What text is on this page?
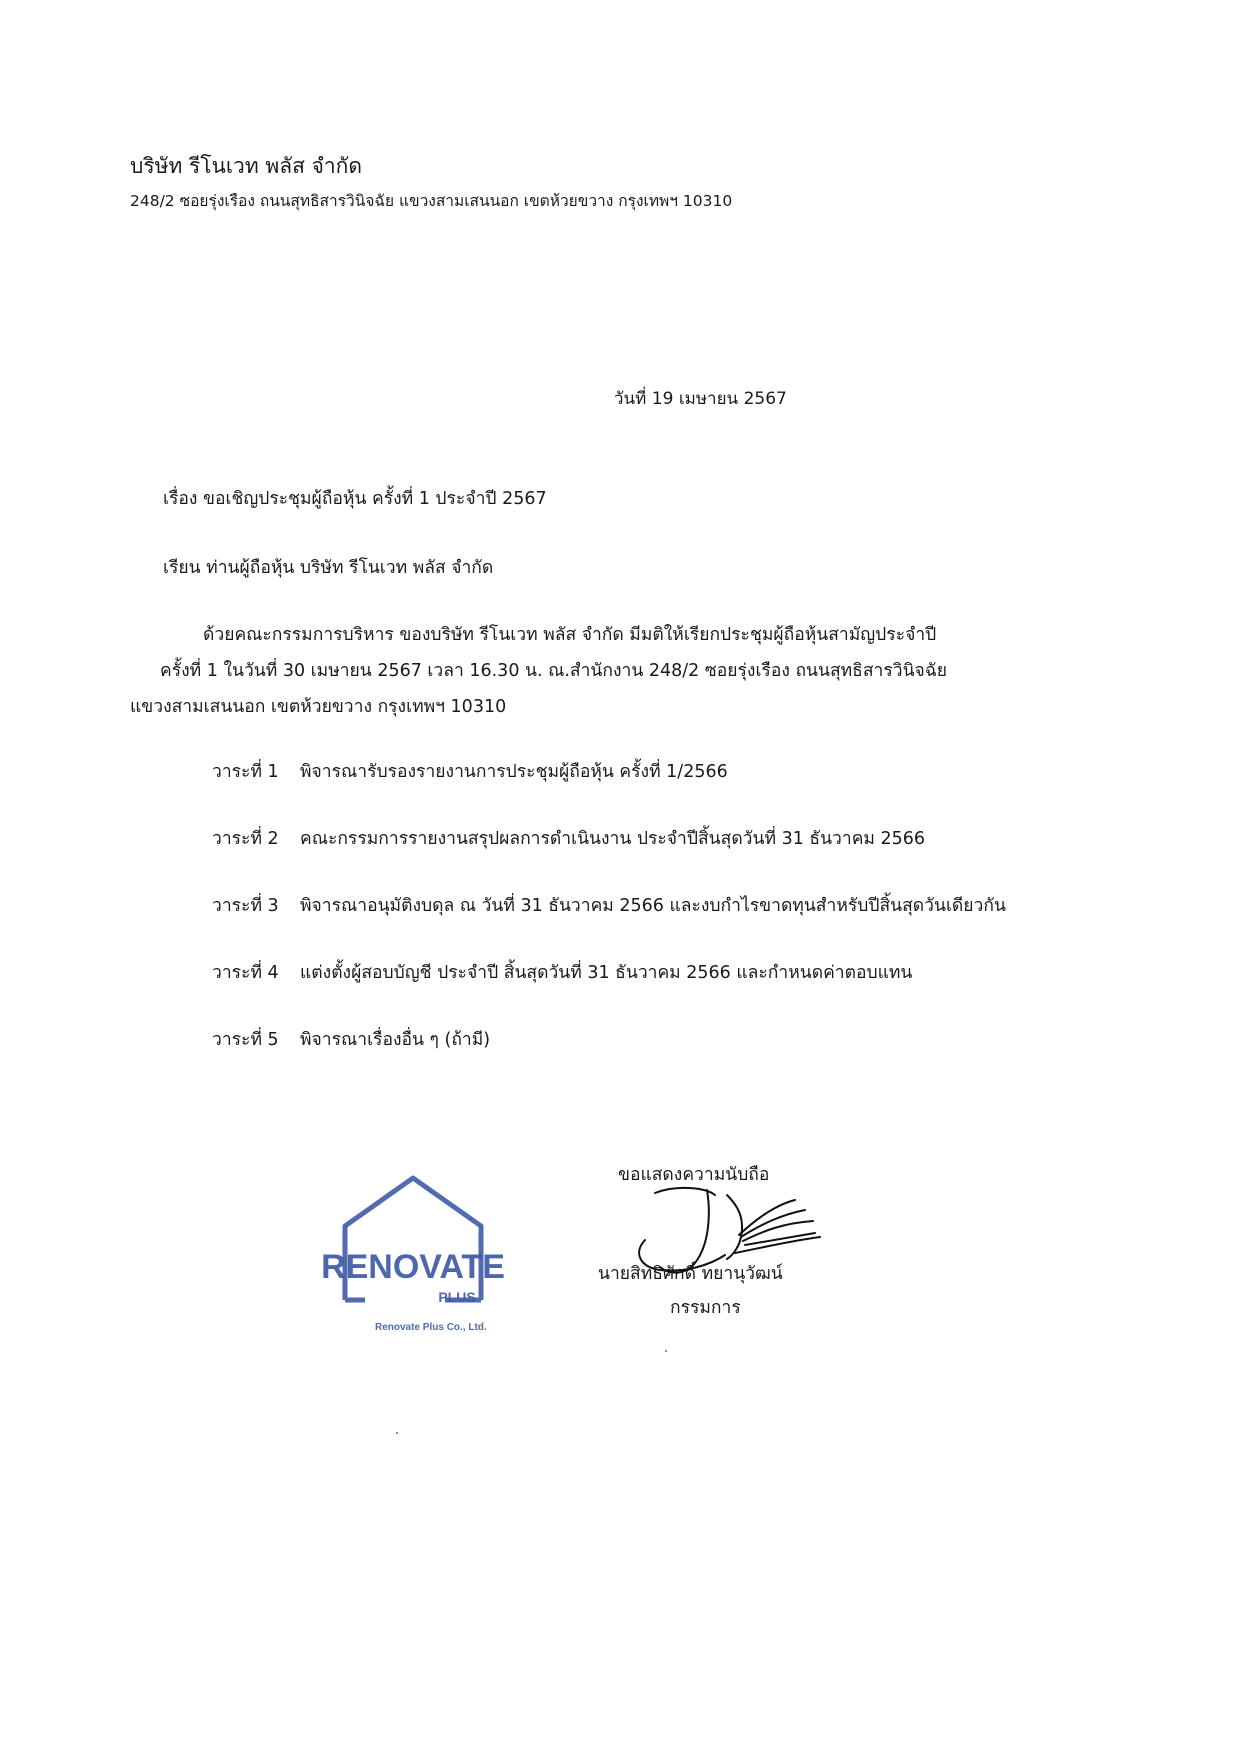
บริษัท รีโนเวท พลัส จำกัด
248/2 ซอยรุ่งเรือง ถนนสุทธิสารวินิจฉัย แขวงสามเสนนอก เขตห้วยขวาง กรุงเทพฯ 10310
วันที่ 19 เมษายน 2567
เรื่อง ขอเชิญประชุมผู้ถือหุ้น ครั้งที่ 1 ประจำปี 2567
เรียน ท่านผู้ถือหุ้น บริษัท รีโนเวท พลัส จำกัด
ด้วยคณะกรรมการบริหาร ของบริษัท รีโนเวท พลัส จำกัด มีมติให้เรียกประชุมผู้ถือหุ้นสามัญประจำปี
ครั้งที่ 1 ในวันที่ 30 เมษายน 2567 เวลา 16.30 น. ณ.สำนักงาน 248/2 ซอยรุ่งเรือง ถนนสุทธิสารวินิจฉัย
แขวงสามเสนนอก เขตห้วยขวาง กรุงเทพฯ 10310
วาระที่ 1 พิจารณารับรองรายงานการประชุมผู้ถือหุ้น ครั้งที่ 1/2566
วาระที่ 2 คณะกรรมการรายงานสรุปผลการดำเนินงาน ประจำปีสิ้นสุดวันที่ 31 ธันวาคม 2566
วาระที่ 3 พิจารณาอนุมัติงบดุล ณ วันที่ 31 ธันวาคม 2566 และงบกำไรขาดทุนสำหรับปีสิ้นสุดวันเดียวกัน
วาระที่ 4 แต่งตั้งผู้สอบบัญชี ประจำปี สิ้นสุดวันที่ 31 ธันวาคม 2566 และกำหนดค่าตอบแทน
วาระที่ 5 พิจารณาเรื่องอื่น ๆ (ถ้ามี)
RENOVATE
PLUS
Renovate Plus Co., Ltd.
ขอแสดงความนับถือ
นายสิทธิศักดิ์ ทยานุวัฒน์
กรรมการ
